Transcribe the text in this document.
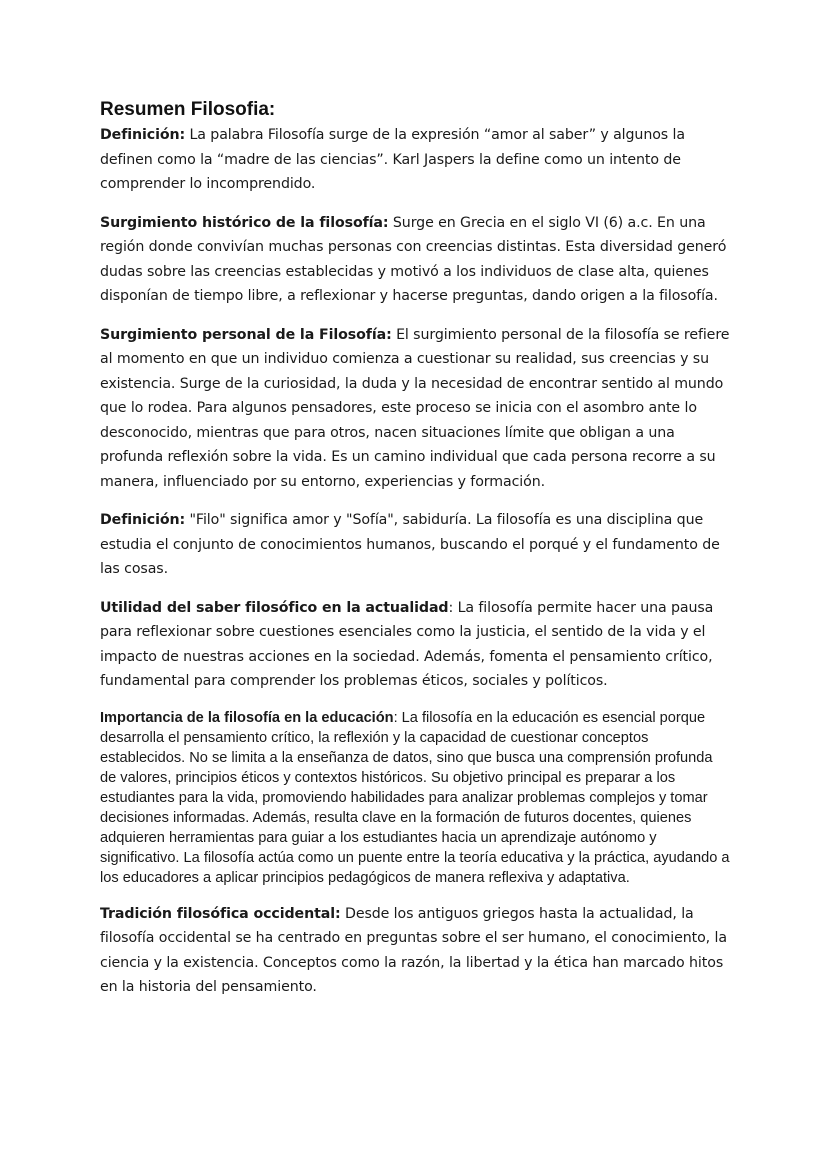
Resumen Filosofia:

Definición: La palabra Filosofía surge de la expresión “amor al saber” y algunos la definen como la “madre de las ciencias”. Karl Jaspers la define como un intento de comprender lo incomprendido.

Surgimiento histórico de la filosofía: Surge en Grecia en el siglo VI (6) a.c. En una región donde convivían muchas personas con creencias distintas. Esta diversidad generó dudas sobre las creencias establecidas y motivó a los individuos de clase alta, quienes disponían de tiempo libre, a reflexionar y hacerse preguntas, dando origen a la filosofía.

Surgimiento personal de la Filosofía: El surgimiento personal de la filosofía se refiere al momento en que un individuo comienza a cuestionar su realidad, sus creencias y su existencia. Surge de la curiosidad, la duda y la necesidad de encontrar sentido al mundo que lo rodea. Para algunos pensadores, este proceso se inicia con el asombro ante lo desconocido, mientras que para otros, nacen situaciones límite que obligan a una profunda reflexión sobre la vida. Es un camino individual que cada persona recorre a su manera, influenciado por su entorno, experiencias y formación.

Definición: "Filo" significa amor y "Sofía", sabiduría. La filosofía es una disciplina que estudia el conjunto de conocimientos humanos, buscando el porqué y el fundamento de las cosas.

Utilidad del saber filosófico en la actualidad: La filosofía permite hacer una pausa para reflexionar sobre cuestiones esenciales como la justicia, el sentido de la vida y el impacto de nuestras acciones en la sociedad. Además, fomenta el pensamiento crítico, fundamental para comprender los problemas éticos, sociales y políticos.

Importancia de la filosofía en la educación: La filosofía en la educación es esencial porque desarrolla el pensamiento crítico, la reflexión y la capacidad de cuestionar conceptos establecidos. No se limita a la enseñanza de datos, sino que busca una comprensión profunda de valores, principios éticos y contextos históricos. Su objetivo principal es preparar a los estudiantes para la vida, promoviendo habilidades para analizar problemas complejos y tomar decisiones informadas. Además, resulta clave en la formación de futuros docentes, quienes adquieren herramientas para guiar a los estudiantes hacia un aprendizaje autónomo y significativo. La filosofía actúa como un puente entre la teoría educativa y la práctica, ayudando a los educadores a aplicar principios pedagógicos de manera reflexiva y adaptativa.

Tradición filosófica occidental: Desde los antiguos griegos hasta la actualidad, la filosofía occidental se ha centrado en preguntas sobre el ser humano, el conocimiento, la ciencia y la existencia. Conceptos como la razón, la libertad y la ética han marcado hitos en la historia del pensamiento.
